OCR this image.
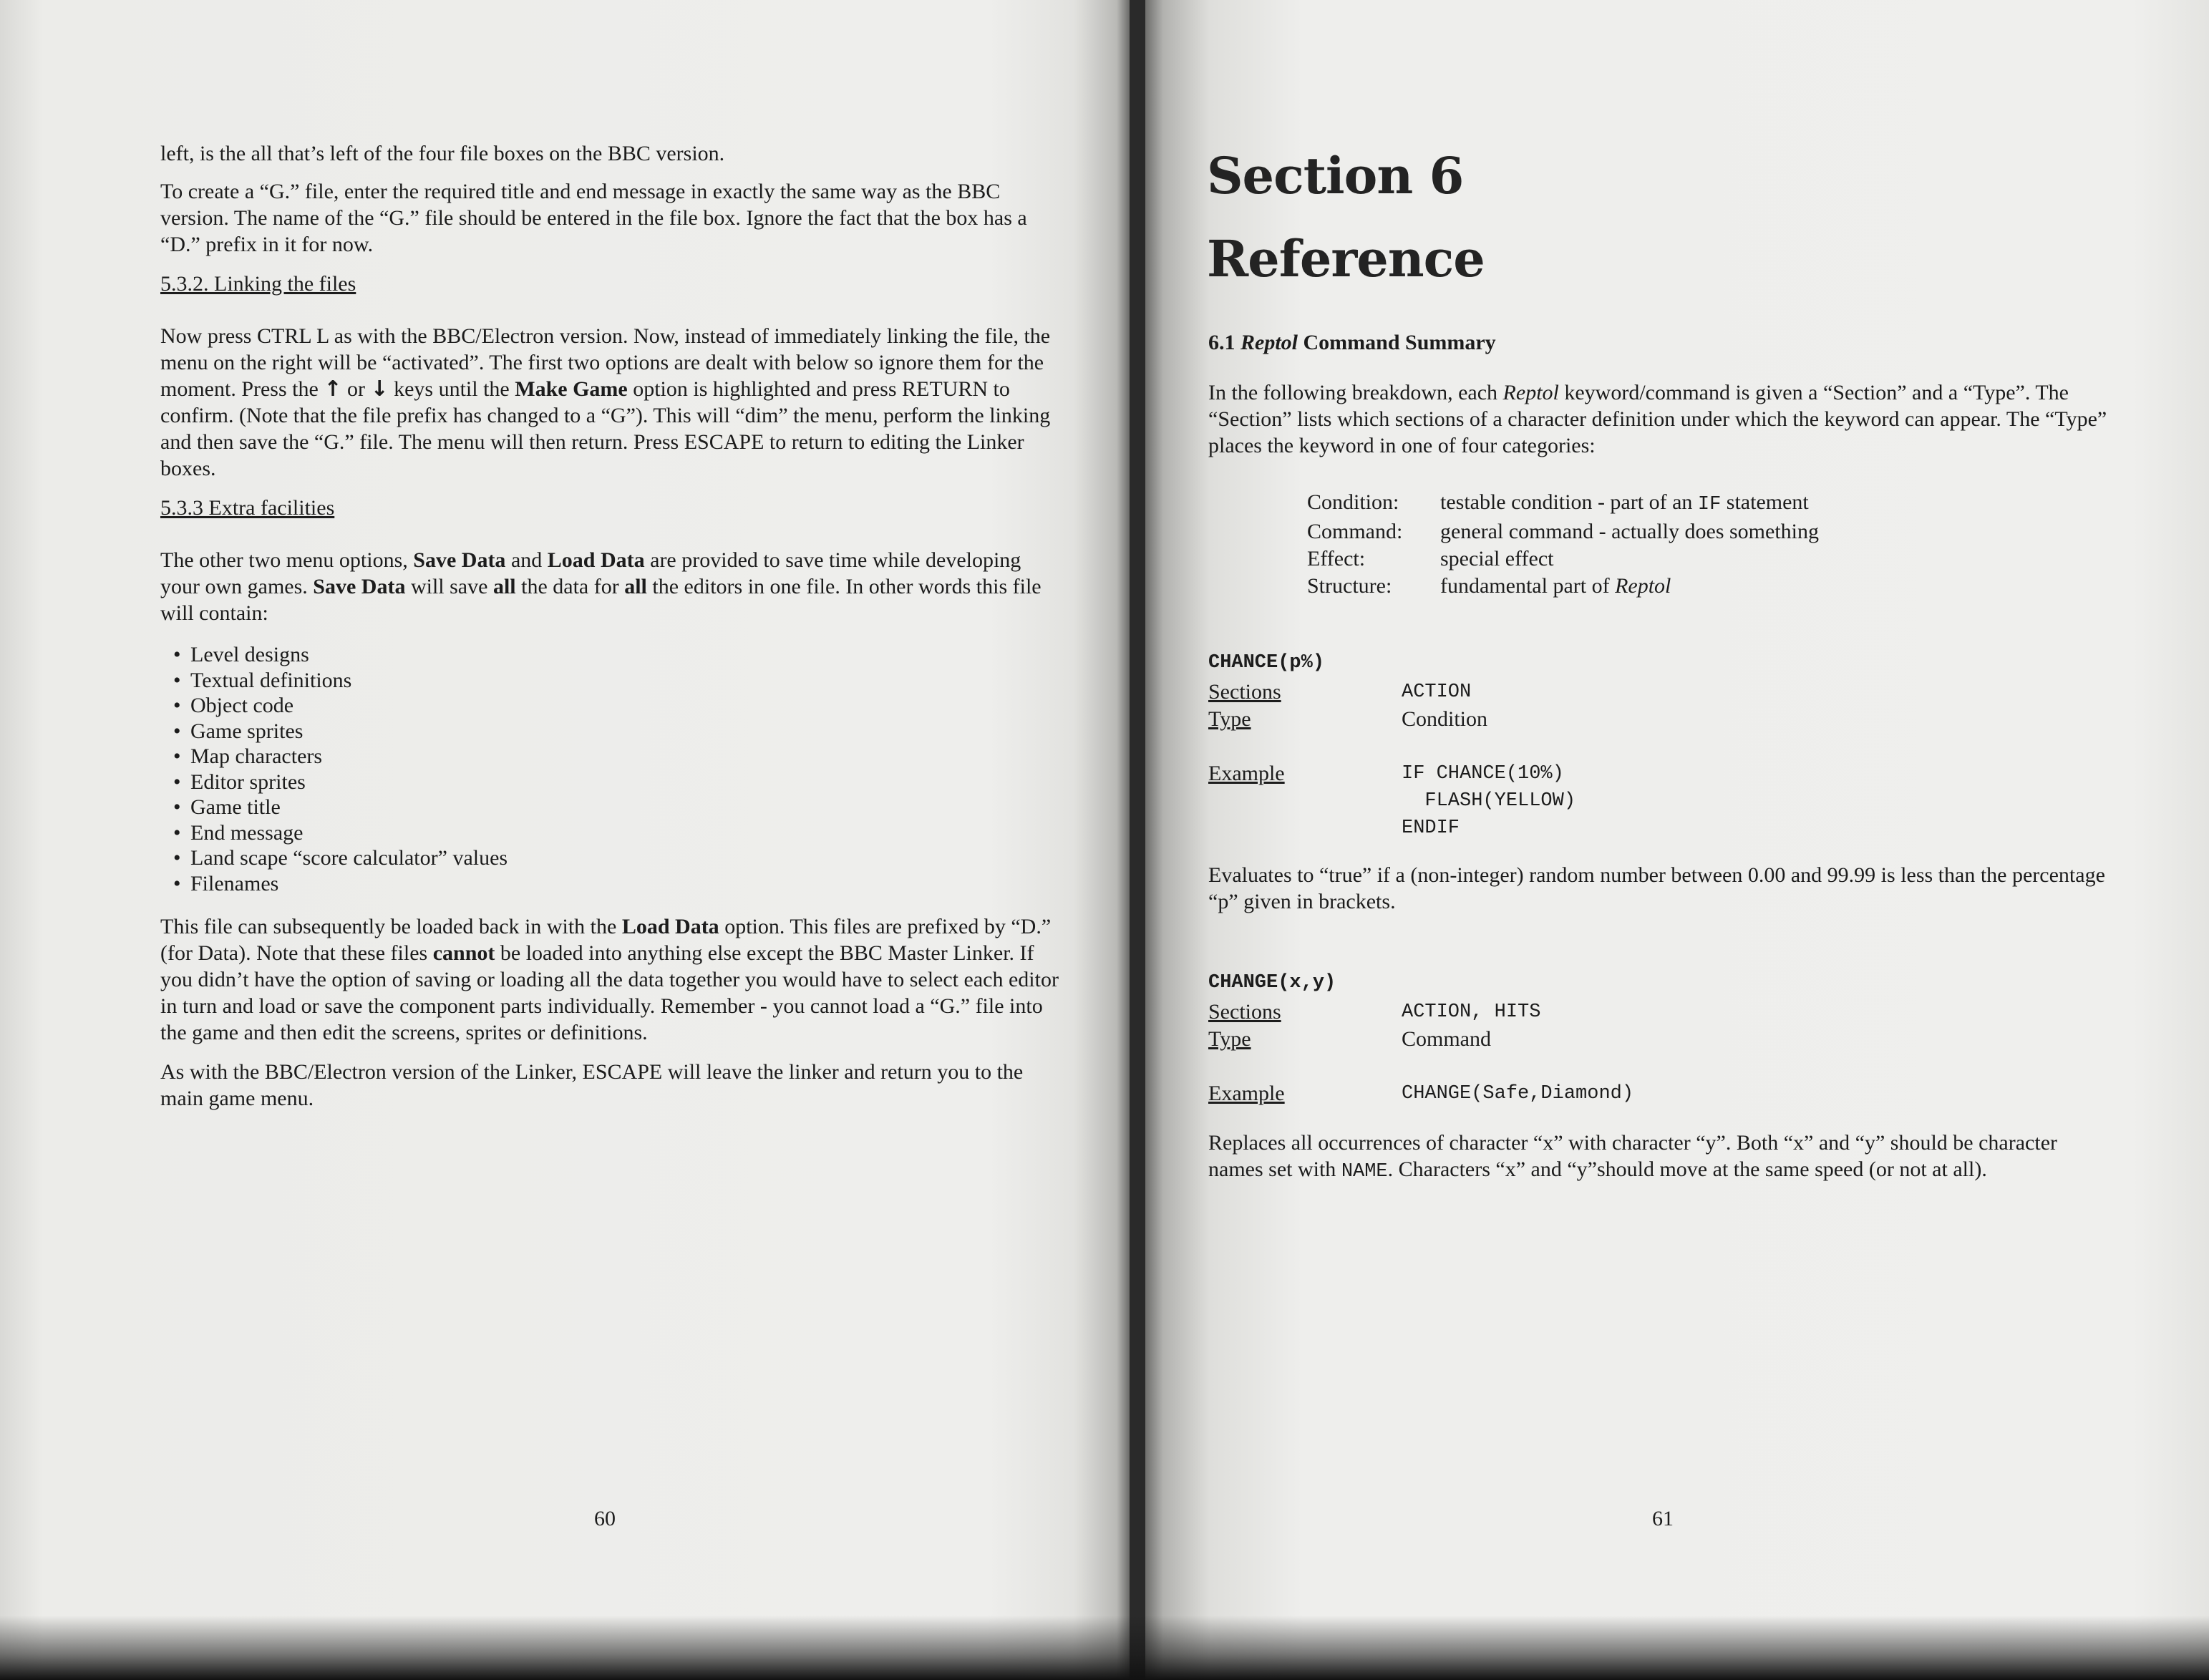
left, is the all that’s left of the four file boxes on the BBC version.

To create a “G.” file, enter the required title and end message in exactly the same way as the BBC version. The name of the “G.” file should be entered in the file box. Ignore the fact that the box has a “D.” prefix in it for now.

5.3.2. Linking the files

Now press CTRL L as with the BBC/Electron version. Now, instead of immediately linking the file, the menu on the right will be “activated”. The first two options are dealt with below so ignore them for the moment. Press the ↑ or ↓ keys until the Make Game option is highlighted and press RETURN to confirm. (Note that the file prefix has changed to a “G”). This will “dim” the menu, perform the linking and then save the “G.” file. The menu will then return. Press ESCAPE to return to editing the Linker boxes.

5.3.3 Extra facilities

The other two menu options, Save Data and Load Data are provided to save time while developing your own games. Save Data will save all the data for all the editors in one file. In other words this file will contain:

• Level designs
• Textual definitions
• Object code
• Game sprites
• Map characters
• Editor sprites
• Game title
• End message
• Land scape “score calculator” values
• Filenames

This file can subsequently be loaded back in with the Load Data option. This files are prefixed by “D.” (for Data). Note that these files cannot be loaded into anything else except the BBC Master Linker. If you didn’t have the option of saving or loading all the data together you would have to select each editor in turn and load or save the component parts individually. Remember - you cannot load a “G.” file into the game and then edit the screens, sprites or definitions.

As with the BBC/Electron version of the Linker, ESCAPE will leave the linker and return you to the main game menu.

60
Section 6
Reference

6.1 Reptol Command Summary

In the following breakdown, each Reptol keyword/command is given a “Section” and a “Type”. The “Section” lists which sections of a character definition under which the keyword can appear. The “Type” places the keyword in one of four categories:

Condition:	testable condition - part of an IF statement
Command:	general command - actually does something
Effect:	special effect
Structure:	fundamental part of Reptol
CHANCE(p%)
Sections	ACTION
Type	Condition
Example	IF CHANCE(10%)
FLASH(YELLOW)
ENDIF

Evaluates to “true” if a (non-integer) random number between 0.00 and 99.99 is less than the percentage “p” given in brackets.

CHANGE(x,y)
Sections	ACTION, HITS
Type	Command
Example	CHANGE(Safe,Diamond)

Replaces all occurrences of character “x” with character “y”. Both “x” and “y” should be character names set with NAME. Characters “x” and “y”should move at the same speed (or not at all).

61
